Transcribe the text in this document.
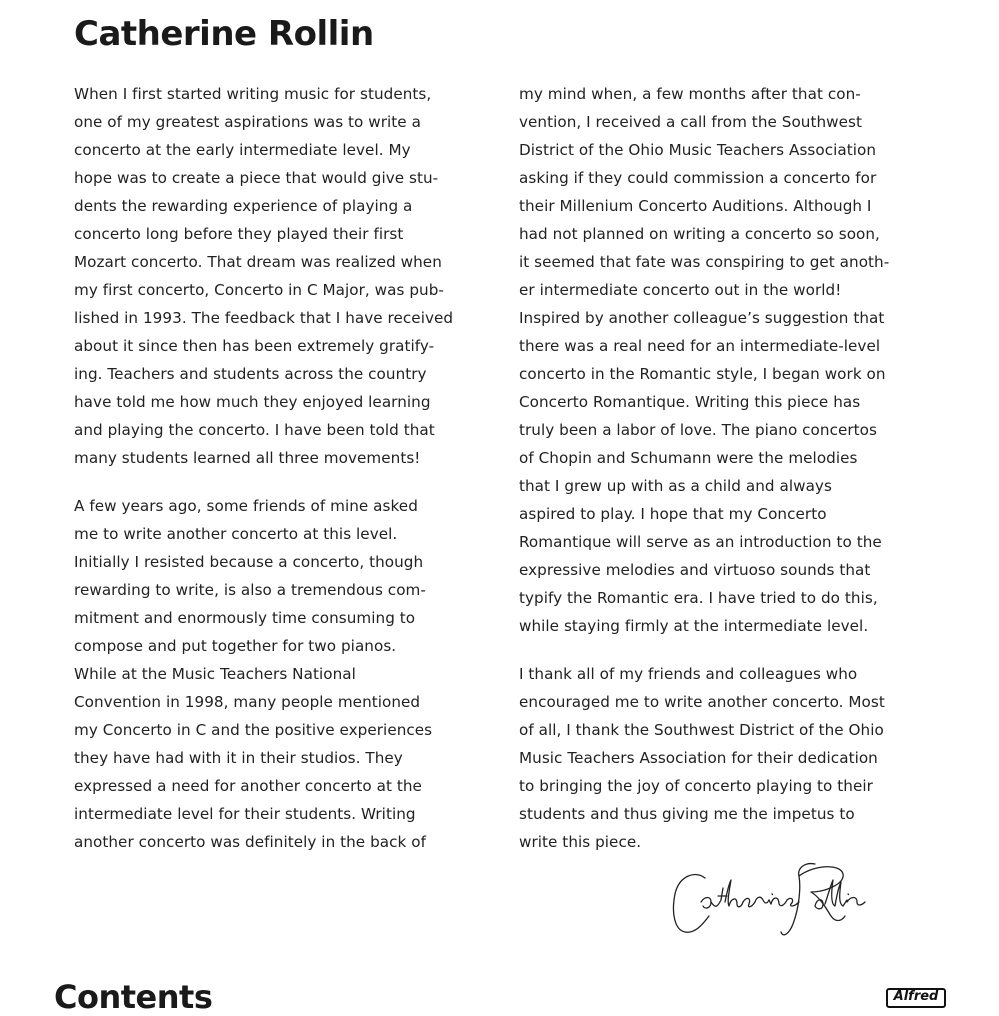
Catherine Rollin
When I first started writing music for students,
one of my greatest aspirations was to write a
concerto at the early intermediate level. My
hope was to create a piece that would give stu-
dents the rewarding experience of playing a
concerto long before they played their first
Mozart concerto. That dream was realized when
my first concerto, Concerto in C Major, was pub-
lished in 1993. The feedback that I have received
about it since then has been extremely gratify-
ing. Teachers and students across the country
have told me how much they enjoyed learning
and playing the concerto. I have been told that
many students learned all three movements!
A few years ago, some friends of mine asked
me to write another concerto at this level.
Initially I resisted because a concerto, though
rewarding to write, is also a tremendous com-
mitment and enormously time consuming to
compose and put together for two pianos.
While at the Music Teachers National
Convention in 1998, many people mentioned
my Concerto in C and the positive experiences
they have had with it in their studios. They
expressed a need for another concerto at the
intermediate level for their students. Writing
another concerto was definitely in the back of
my mind when, a few months after that con-
vention, I received a call from the Southwest
District of the Ohio Music Teachers Association
asking if they could commission a concerto for
their Millenium Concerto Auditions. Although I
had not planned on writing a concerto so soon,
it seemed that fate was conspiring to get anoth-
er intermediate concerto out in the world!
Inspired by another colleague’s suggestion that
there was a real need for an intermediate-level
concerto in the Romantic style, I began work on
Concerto Romantique. Writing this piece has
truly been a labor of love. The piano concertos
of Chopin and Schumann were the melodies
that I grew up with as a child and always
aspired to play. I hope that my Concerto
Romantique will serve as an introduction to the
expressive melodies and virtuoso sounds that
typify the Romantic era. I have tried to do this,
while staying firmly at the intermediate level.
I thank all of my friends and colleagues who
encouraged me to write another concerto. Most
of all, I thank the Southwest District of the Ohio
Music Teachers Association for their dedication
to bringing the joy of concerto playing to their
students and thus giving me the impetus to
write this piece.
Contents	Alfred
